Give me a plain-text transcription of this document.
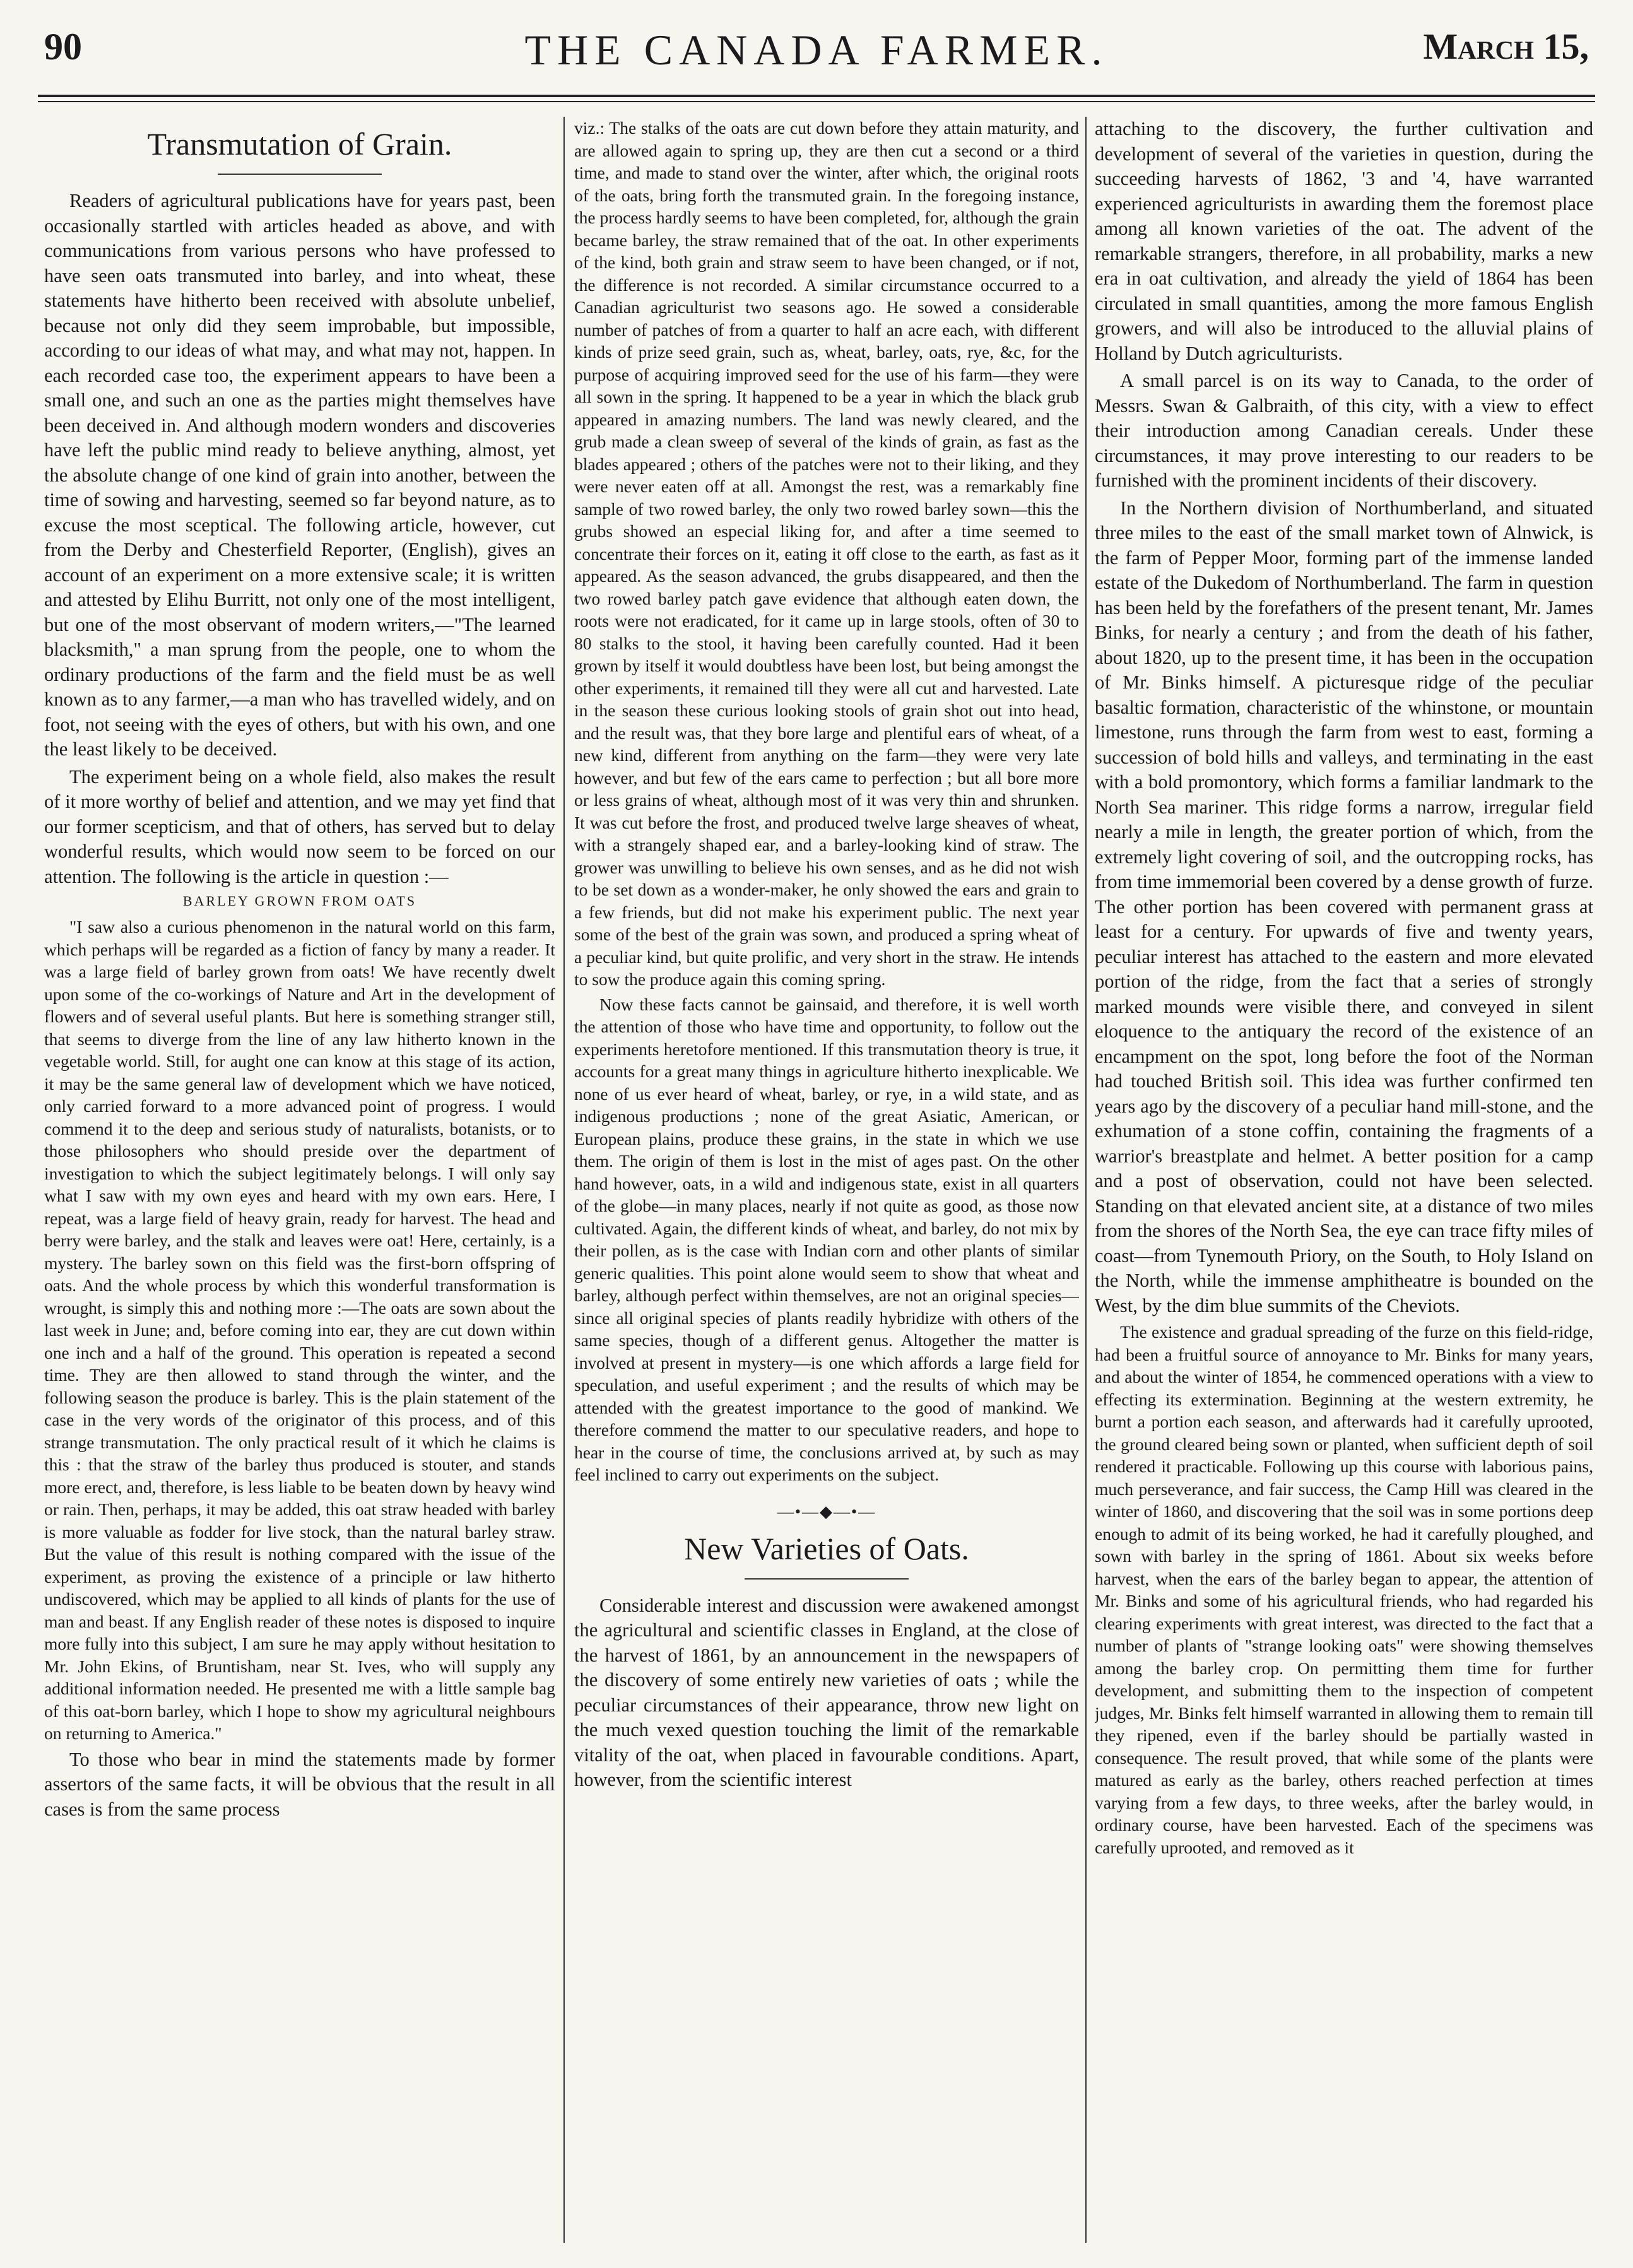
90	THE CANADA FARMER.	March 15,
Transmutation of Grain.

Readers of agricultural publications have for years past, been occasionally startled with articles headed as above, and with communications from various persons who have professed to have seen oats transmuted into barley, and into wheat, these statements have hitherto been received with absolute unbelief, because not only did they seem improbable, but impossible, according to our ideas of what may, and what may not, happen. In each recorded case too, the experiment appears to have been a small one, and such an one as the parties might themselves have been deceived in. And although modern wonders and discoveries have left the public mind ready to believe anything, almost, yet the absolute change of one kind of grain into another, between the time of sowing and harvesting, seemed so far beyond nature, as to excuse the most sceptical. The following article, however, cut from the Derby and Chesterfield Reporter, (English), gives an account of an experiment on a more extensive scale; it is written and attested by Elihu Burritt, not only one of the most intelligent, but one of the most observant of modern writers,—"The learned blacksmith," a man sprung from the people, one to whom the ordinary productions of the farm and the field must be as well known as to any farmer,—a man who has travelled widely, and on foot, not seeing with the eyes of others, but with his own, and one the least likely to be deceived.

The experiment being on a whole field, also makes the result of it more worthy of belief and attention, and we may yet find that our former scepticism, and that of others, has served but to delay wonderful results, which would now seem to be forced on our attention. The following is the article in question :—

BARLEY GROWN FROM OATS

"I saw also a curious phenomenon in the natural world on this farm, which perhaps will be regarded as a fiction of fancy by many a reader. It was a large field of barley grown from oats! We have recently dwelt upon some of the co-workings of Nature and Art in the development of flowers and of several useful plants. But here is something stranger still, that seems to diverge from the line of any law hitherto known in the vegetable world. Still, for aught one can know at this stage of its action, it may be the same general law of development which we have noticed, only carried forward to a more advanced point of progress. I would commend it to the deep and serious study of naturalists, botanists, or to those philosophers who should preside over the department of investigation to which the subject legitimately belongs. I will only say what I saw with my own eyes and heard with my own ears. Here, I repeat, was a large field of heavy grain, ready for harvest. The head and berry were barley, and the stalk and leaves were oat! Here, certainly, is a mystery. The barley sown on this field was the first-born offspring of oats. And the whole process by which this wonderful transformation is wrought, is simply this and nothing more :—The oats are sown about the last week in June; and, before coming into ear, they are cut down within one inch and a half of the ground. This operation is repeated a second time. They are then allowed to stand through the winter, and the following season the produce is barley. This is the plain statement of the case in the very words of the originator of this process, and of this strange transmutation. The only practical result of it which he claims is this : that the straw of the barley thus produced is stouter, and stands more erect, and, therefore, is less liable to be beaten down by heavy wind or rain. Then, perhaps, it may be added, this oat straw headed with barley is more valuable as fodder for live stock, than the natural barley straw. But the value of this result is nothing compared with the issue of the experiment, as proving the existence of a principle or law hitherto undiscovered, which may be applied to all kinds of plants for the use of man and beast. If any English reader of these notes is disposed to inquire more fully into this subject, I am sure he may apply without hesitation to Mr. John Ekins, of Bruntisham, near St. Ives, who will supply any additional information needed. He presented me with a little sample bag of this oat-born barley, which I hope to show my agricultural neighbours on returning to America."

To those who bear in mind the statements made by former assertors of the same facts, it will be obvious that the result in all cases is from the same process

viz.: The stalks of the oats are cut down before they attain maturity, and are allowed again to spring up, they are then cut a second or a third time, and made to stand over the winter, after which, the original roots of the oats, bring forth the transmuted grain. In the foregoing instance, the process hardly seems to have been completed, for, although the grain became barley, the straw remained that of the oat. In other experiments of the kind, both grain and straw seem to have been changed, or if not, the difference is not recorded. A similar circumstance occurred to a Canadian agriculturist two seasons ago. He sowed a considerable number of patches of from a quarter to half an acre each, with different kinds of prize seed grain, such as, wheat, barley, oats, rye, &c, for the purpose of acquiring improved seed for the use of his farm—they were all sown in the spring. It happened to be a year in which the black grub appeared in amazing numbers. The land was newly cleared, and the grub made a clean sweep of several of the kinds of grain, as fast as the blades appeared ; others of the patches were not to their liking, and they were never eaten off at all. Amongst the rest, was a remarkably fine sample of two rowed barley, the only two rowed barley sown—this the grubs showed an especial liking for, and after a time seemed to concentrate their forces on it, eating it off close to the earth, as fast as it appeared. As the season advanced, the grubs disappeared, and then the two rowed barley patch gave evidence that although eaten down, the roots were not eradicated, for it came up in large stools, often of 30 to 80 stalks to the stool, it having been carefully counted. Had it been grown by itself it would doubtless have been lost, but being amongst the other experiments, it remained till they were all cut and harvested. Late in the season these curious looking stools of grain shot out into head, and the result was, that they bore large and plentiful ears of wheat, of a new kind, different from anything on the farm—they were very late however, and but few of the ears came to perfection ; but all bore more or less grains of wheat, although most of it was very thin and shrunken. It was cut before the frost, and produced twelve large sheaves of wheat, with a strangely shaped ear, and a barley-looking kind of straw. The grower was unwilling to believe his own senses, and as he did not wish to be set down as a wonder-maker, he only showed the ears and grain to a few friends, but did not make his experiment public. The next year some of the best of the grain was sown, and produced a spring wheat of a peculiar kind, but quite prolific, and very short in the straw. He intends to sow the produce again this coming spring.

Now these facts cannot be gainsaid, and therefore, it is well worth the attention of those who have time and opportunity, to follow out the experiments heretofore mentioned. If this transmutation theory is true, it accounts for a great many things in agriculture hitherto inexplicable. We none of us ever heard of wheat, barley, or rye, in a wild state, and as indigenous productions ; none of the great Asiatic, American, or European plains, produce these grains, in the state in which we use them. The origin of them is lost in the mist of ages past. On the other hand however, oats, in a wild and indigenous state, exist in all quarters of the globe—in many places, nearly if not quite as good, as those now cultivated. Again, the different kinds of wheat, and barley, do not mix by their pollen, as is the case with Indian corn and other plants of similar generic qualities. This point alone would seem to show that wheat and barley, although perfect within themselves, are not an original species—since all original species of plants readily hybridize with others of the same species, though of a different genus. Altogether the matter is involved at present in mystery—is one which affords a large field for speculation, and useful experiment ; and the results of which may be attended with the greatest importance to the good of mankind. We therefore commend the matter to our speculative readers, and hope to hear in the course of time, the conclusions arrived at, by such as may feel inclined to carry out experiments on the subject.

—•—◆—•—
New Varieties of Oats.

Considerable interest and discussion were awakened amongst the agricultural and scientific classes in England, at the close of the harvest of 1861, by an announcement in the newspapers of the discovery of some entirely new varieties of oats ; while the peculiar circumstances of their appearance, throw new light on the much vexed question touching the limit of the remarkable vitality of the oat, when placed in favourable conditions. Apart, however, from the scientific interest

attaching to the discovery, the further cultivation and development of several of the varieties in question, during the succeeding harvests of 1862, '3 and '4, have warranted experienced agriculturists in awarding them the foremost place among all known varieties of the oat. The advent of the remarkable strangers, therefore, in all probability, marks a new era in oat cultivation, and already the yield of 1864 has been circulated in small quantities, among the more famous English growers, and will also be introduced to the alluvial plains of Holland by Dutch agriculturists.

A small parcel is on its way to Canada, to the order of Messrs. Swan & Galbraith, of this city, with a view to effect their introduction among Canadian cereals. Under these circumstances, it may prove interesting to our readers to be furnished with the prominent incidents of their discovery.

In the Northern division of Northumberland, and situated three miles to the east of the small market town of Alnwick, is the farm of Pepper Moor, forming part of the immense landed estate of the Dukedom of Northumberland. The farm in question has been held by the forefathers of the present tenant, Mr. James Binks, for nearly a century ; and from the death of his father, about 1820, up to the present time, it has been in the occupation of Mr. Binks himself. A picturesque ridge of the peculiar basaltic formation, characteristic of the whinstone, or mountain limestone, runs through the farm from west to east, forming a succession of bold hills and valleys, and terminating in the east with a bold promontory, which forms a familiar landmark to the North Sea mariner. This ridge forms a narrow, irregular field nearly a mile in length, the greater portion of which, from the extremely light covering of soil, and the outcropping rocks, has from time immemorial been covered by a dense growth of furze. The other portion has been covered with permanent grass at least for a century. For upwards of five and twenty years, peculiar interest has attached to the eastern and more elevated portion of the ridge, from the fact that a series of strongly marked mounds were visible there, and conveyed in silent eloquence to the antiquary the record of the existence of an encampment on the spot, long before the foot of the Norman had touched British soil. This idea was further confirmed ten years ago by the discovery of a peculiar hand mill-stone, and the exhumation of a stone coffin, containing the fragments of a warrior's breastplate and helmet. A better position for a camp and a post of observation, could not have been selected. Standing on that elevated ancient site, at a distance of two miles from the shores of the North Sea, the eye can trace fifty miles of coast—from Tynemouth Priory, on the South, to Holy Island on the North, while the immense amphitheatre is bounded on the West, by the dim blue summits of the Cheviots.

The existence and gradual spreading of the furze on this field-ridge, had been a fruitful source of annoyance to Mr. Binks for many years, and about the winter of 1854, he commenced operations with a view to effecting its extermination. Beginning at the western extremity, he burnt a portion each season, and afterwards had it carefully uprooted, the ground cleared being sown or planted, when sufficient depth of soil rendered it practicable. Following up this course with laborious pains, much perseverance, and fair success, the Camp Hill was cleared in the winter of 1860, and discovering that the soil was in some portions deep enough to admit of its being worked, he had it carefully ploughed, and sown with barley in the spring of 1861. About six weeks before harvest, when the ears of the barley began to appear, the attention of Mr. Binks and some of his agricultural friends, who had regarded his clearing experiments with great interest, was directed to the fact that a number of plants of "strange looking oats" were showing themselves among the barley crop. On permitting them time for further development, and submitting them to the inspection of competent judges, Mr. Binks felt himself warranted in allowing them to remain till they ripened, even if the barley should be partially wasted in consequence. The result proved, that while some of the plants were matured as early as the barley, others reached perfection at times varying from a few days, to three weeks, after the barley would, in ordinary course, have been harvested. Each of the specimens was carefully uprooted, and removed as it
